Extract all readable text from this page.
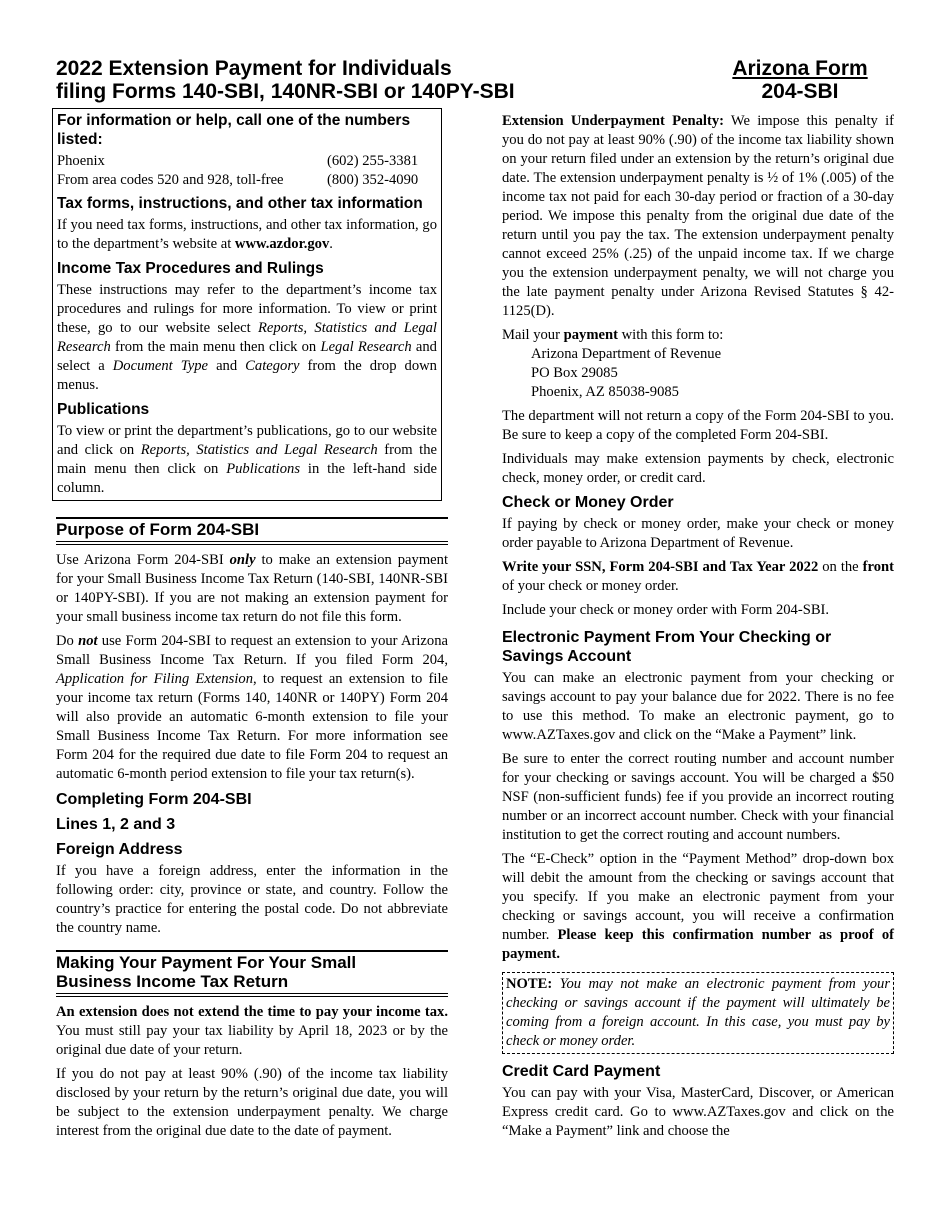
2022 Extension Payment for Individuals
filing Forms 140-SBI, 140NR-SBI or 140PY-SBI
Arizona Form
204-SBI
For information or help, call one of the numbers listed:
Phoenix	(602) 255-3381
From area codes 520 and 928, toll-free	(800) 352-4090
Tax forms, instructions, and other tax information

If you need tax forms, instructions, and other tax information, go to the department’s website at www.azdor.gov.

Income Tax Procedures and Rulings

These instructions may refer to the department’s income tax procedures and rulings for more information. To view or print these, go to our website select Reports, Statistics and Legal Research from the main menu then click on Legal Research and select a Document Type and Category from the drop down menus.

Publications

To view or print the department’s publications, go to our website and click on Reports, Statistics and Legal Research from the main menu then click on Publications in the left-hand side column.

Purpose of Form 204-SBI

Use Arizona Form 204-SBI only to make an extension payment for your Small Business Income Tax Return (140-SBI, 140NR-SBI or 140PY-SBI). If you are not making an extension payment for your small business income tax return do not file this form.

Do not use Form 204-SBI to request an extension to your Arizona Small Business Income Tax Return. If you filed Form 204, Application for Filing Extension, to request an extension to file your income tax return (Forms 140, 140NR or 140PY) Form 204 will also provide an automatic 6-month extension to file your Small Business Income Tax Return. For more information see Form 204 for the required due date to file Form 204 to request an automatic 6-month period extension to file your tax return(s).

Completing Form 204-SBI
Lines 1, 2 and 3
Foreign Address

If you have a foreign address, enter the information in the following order: city, province or state, and country. Follow the country’s practice for entering the postal code. Do not abbreviate the country name.

Making Your Payment For Your Small
Business Income Tax Return

An extension does not extend the time to pay your income tax. You must still pay your tax liability by April 18, 2023 or by the original due date of your return.

If you do not pay at least 90% (.90) of the income tax liability disclosed by your return by the return’s original due date, you will be subject to the extension underpayment penalty. We charge interest from the original due date to the date of payment.

Extension Underpayment Penalty: We impose this penalty if you do not pay at least 90% (.90) of the income tax liability shown on your return filed under an extension by the return’s original due date. The extension underpayment penalty is ½ of 1% (.005) of the income tax not paid for each 30-day period or fraction of a 30-day period. We impose this penalty from the original due date of the return until you pay the tax. The extension underpayment penalty cannot exceed 25% (.25) of the unpaid income tax. If we charge you the extension underpayment penalty, we will not charge you the late payment penalty under Arizona Revised Statutes § 42-1125(D).

Mail your payment with this form to:

Arizona Department of Revenue
PO Box 29085
Phoenix, AZ 85038-9085

The department will not return a copy of the Form 204-SBI to you. Be sure to keep a copy of the completed Form 204-SBI.

Individuals may make extension payments by check, electronic check, money order, or credit card.

Check or Money Order

If paying by check or money order, make your check or money order payable to Arizona Department of Revenue.

Write your SSN, Form 204-SBI and Tax Year 2022 on the front of your check or money order.

Include your check or money order with Form 204-SBI.

Electronic Payment From Your Checking or
Savings Account

You can make an electronic payment from your checking or savings account to pay your balance due for 2022. There is no fee to use this method. To make an electronic payment, go to www.AZTaxes.gov and click on the “Make a Payment” link.

Be sure to enter the correct routing number and account number for your checking or savings account. You will be charged a $50 NSF (non-sufficient funds) fee if you provide an incorrect routing number or an incorrect account number. Check with your financial institution to get the correct routing and account numbers.

The “E-Check” option in the “Payment Method” drop-down box will debit the amount from the checking or savings account that you specify. If you make an electronic payment from your checking or savings account, you will receive a confirmation number. Please keep this confirmation number as proof of payment.

NOTE: You may not make an electronic payment from your checking or savings account if the payment will ultimately be coming from a foreign account. In this case, you must pay by check or money order.
Credit Card Payment

You can pay with your Visa, MasterCard, Discover, or American Express credit card. Go to www.AZTaxes.gov and click on the “Make a Payment” link and choose the
